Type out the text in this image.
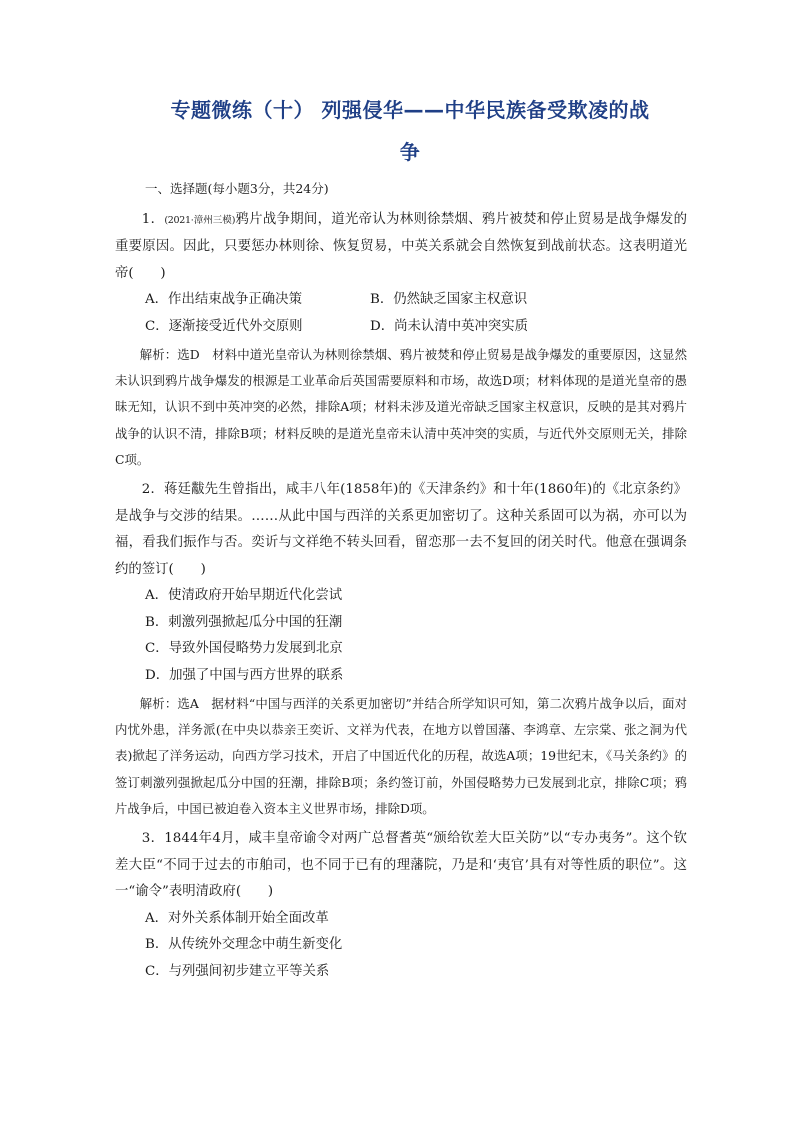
专题微练（十） 列强侵华——中华民族备受欺凌的战
争
一、选择题(每小题3分，共24分)

1．(2021·漳州三模)鸦片战争期间，道光帝认为林则徐禁烟、鸦片被焚和停止贸易是战争爆发的重要原因。因此，只要惩办林则徐、恢复贸易，中英关系就会自然恢复到战前状态。这表明道光帝(　　)

A．作出结束战争正确决策	B．仍然缺乏国家主权意识
C．逐渐接受近代外交原则	D．尚未认清中英冲突实质

解析：选D　材料中道光皇帝认为林则徐禁烟、鸦片被焚和停止贸易是战争爆发的重要原因，这显然未认识到鸦片战争爆发的根源是工业革命后英国需要原料和市场，故选D项；材料体现的是道光皇帝的愚昧无知，认识不到中英冲突的必然，排除A项；材料未涉及道光帝缺乏国家主权意识，反映的是其对鸦片战争的认识不清，排除B项；材料反映的是道光皇帝未认清中英冲突的实质，与近代外交原则无关，排除C项。

2．蒋廷黻先生曾指出，咸丰八年(1858年)的《天津条约》和十年(1860年)的《北京条约》是战争与交涉的结果。……从此中国与西洋的关系更加密切了。这种关系固可以为祸，亦可以为福，看我们振作与否。奕䜣与文祥绝不转头回看，留恋那一去不复回的闭关时代。他意在强调条约的签订(　　)

A．使清政府开始早期近代化尝试
B．刺激列强掀起瓜分中国的狂潮
C．导致外国侵略势力发展到北京
D．加强了中国与西方世界的联系

解析：选A　据材料“中国与西洋的关系更加密切”并结合所学知识可知，第二次鸦片战争以后，面对内忧外患，洋务派(在中央以恭亲王奕䜣、文祥为代表，在地方以曾国藩、李鸿章、左宗棠、张之洞为代表)掀起了洋务运动，向西方学习技术，开启了中国近代化的历程，故选A项；19世纪末，《马关条约》的签订刺激列强掀起瓜分中国的狂潮，排除B项；条约签订前，外国侵略势力已发展到北京，排除C项；鸦片战争后，中国已被迫卷入资本主义世界市场，排除D项。

3．1844年4月，咸丰皇帝谕令对两广总督耆英“颁给钦差大臣关防”以“专办夷务”。这个钦差大臣“不同于过去的市舶司，也不同于已有的理藩院，乃是和‘夷官’具有对等性质的职位”。这一“谕令”表明清政府(　　)

A．对外关系体制开始全面改革
B．从传统外交理念中萌生新变化
C．与列强间初步建立平等关系
